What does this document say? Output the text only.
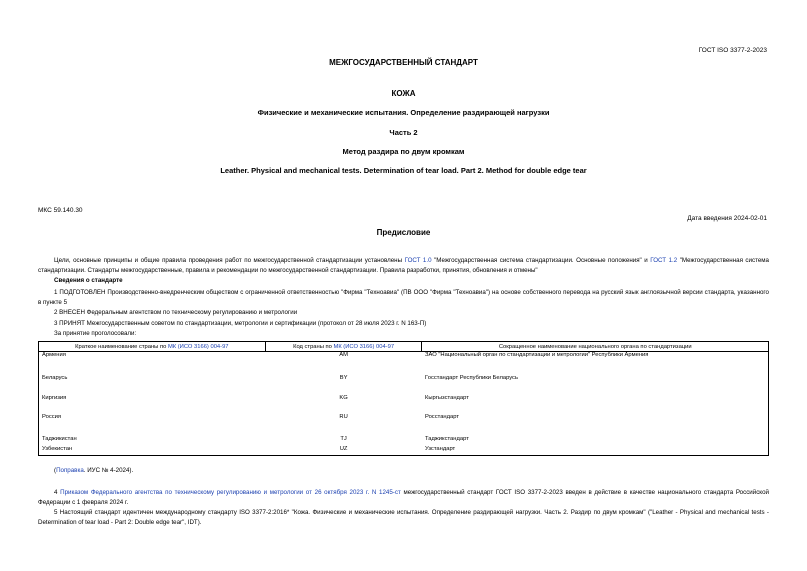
ГОСТ ISO 3377-2-2023
МЕЖГОСУДАРСТВЕННЫЙ СТАНДАРТ
КОЖА
Физические и механические испытания. Определение раздирающей нагрузки
Часть 2
Метод раздира по двум кромкам
Leather. Physical and mechanical tests. Determination of tear load. Part 2. Method for double edge tear
МКС 59.140.30
Дата введения 2024-02-01
Предисловие
Цели, основные принципы и общие правила проведения работ по межгосударственной стандартизации установлены ГОСТ 1.0 "Межгосударственная система стандартизации. Основные положения" и ГОСТ 1.2 "Межгосударственная система стандартизации. Стандарты межгосударственные, правила и рекомендации по межгосударственной стандартизации. Правила разработки, принятия, обновления и отмены"
Сведения о стандарте
1 ПОДГОТОВЛЕН Производственно-внедренческим обществом с ограниченной ответственностью "Фирма "Техноавиа" (ПВ ООО "Фирма "Техноавиа") на основе собственного перевода на русский язык англоязычной версии стандарта, указанного в пункте 5
2 ВНЕСЕН Федеральным агентством по техническому регулированию и метрологии
3 ПРИНЯТ Межгосударственным советом по стандартизации, метрологии и сертификации (протокол от 28 июля 2023 г. N 163-П)
За принятие проголосовали:
Краткое наименование страны по МК (ИСО 3166) 004-97	Код страны по МК (ИСО 3166) 004-97	Сокращенное наименование национального органа по стандартизации
Армения	AM	ЗАО "Национальный орган по стандартизации и метрологии" Республики Армения
Беларусь	BY	Госстандарт Республики Беларусь
Киргизия	KG	Кыргызстандарт
Россия	RU	Росстандарт
Таджикистан	TJ	Таджикстандарт
Узбекистан	UZ	Узстандарт
(Поправка. ИУС № 4-2024).
4 Приказом Федерального агентства по техническому регулированию и метрологии от 26 октября 2023 г. N 1245-ст межгосударственный стандарт ГОСТ ISO 3377-2-2023 введен в действие в качестве национального стандарта Российской Федерации с 1 февраля 2024 г.
5 Настоящий стандарт идентичен международному стандарту ISO 3377-2:2016* "Кожа. Физические и механические испытания. Определение раздирающей нагрузки. Часть 2. Раздир по двум кромкам" ("Leather - Physical and mechanical tests - Determination of tear load - Part 2: Double edge tear", IDT).
